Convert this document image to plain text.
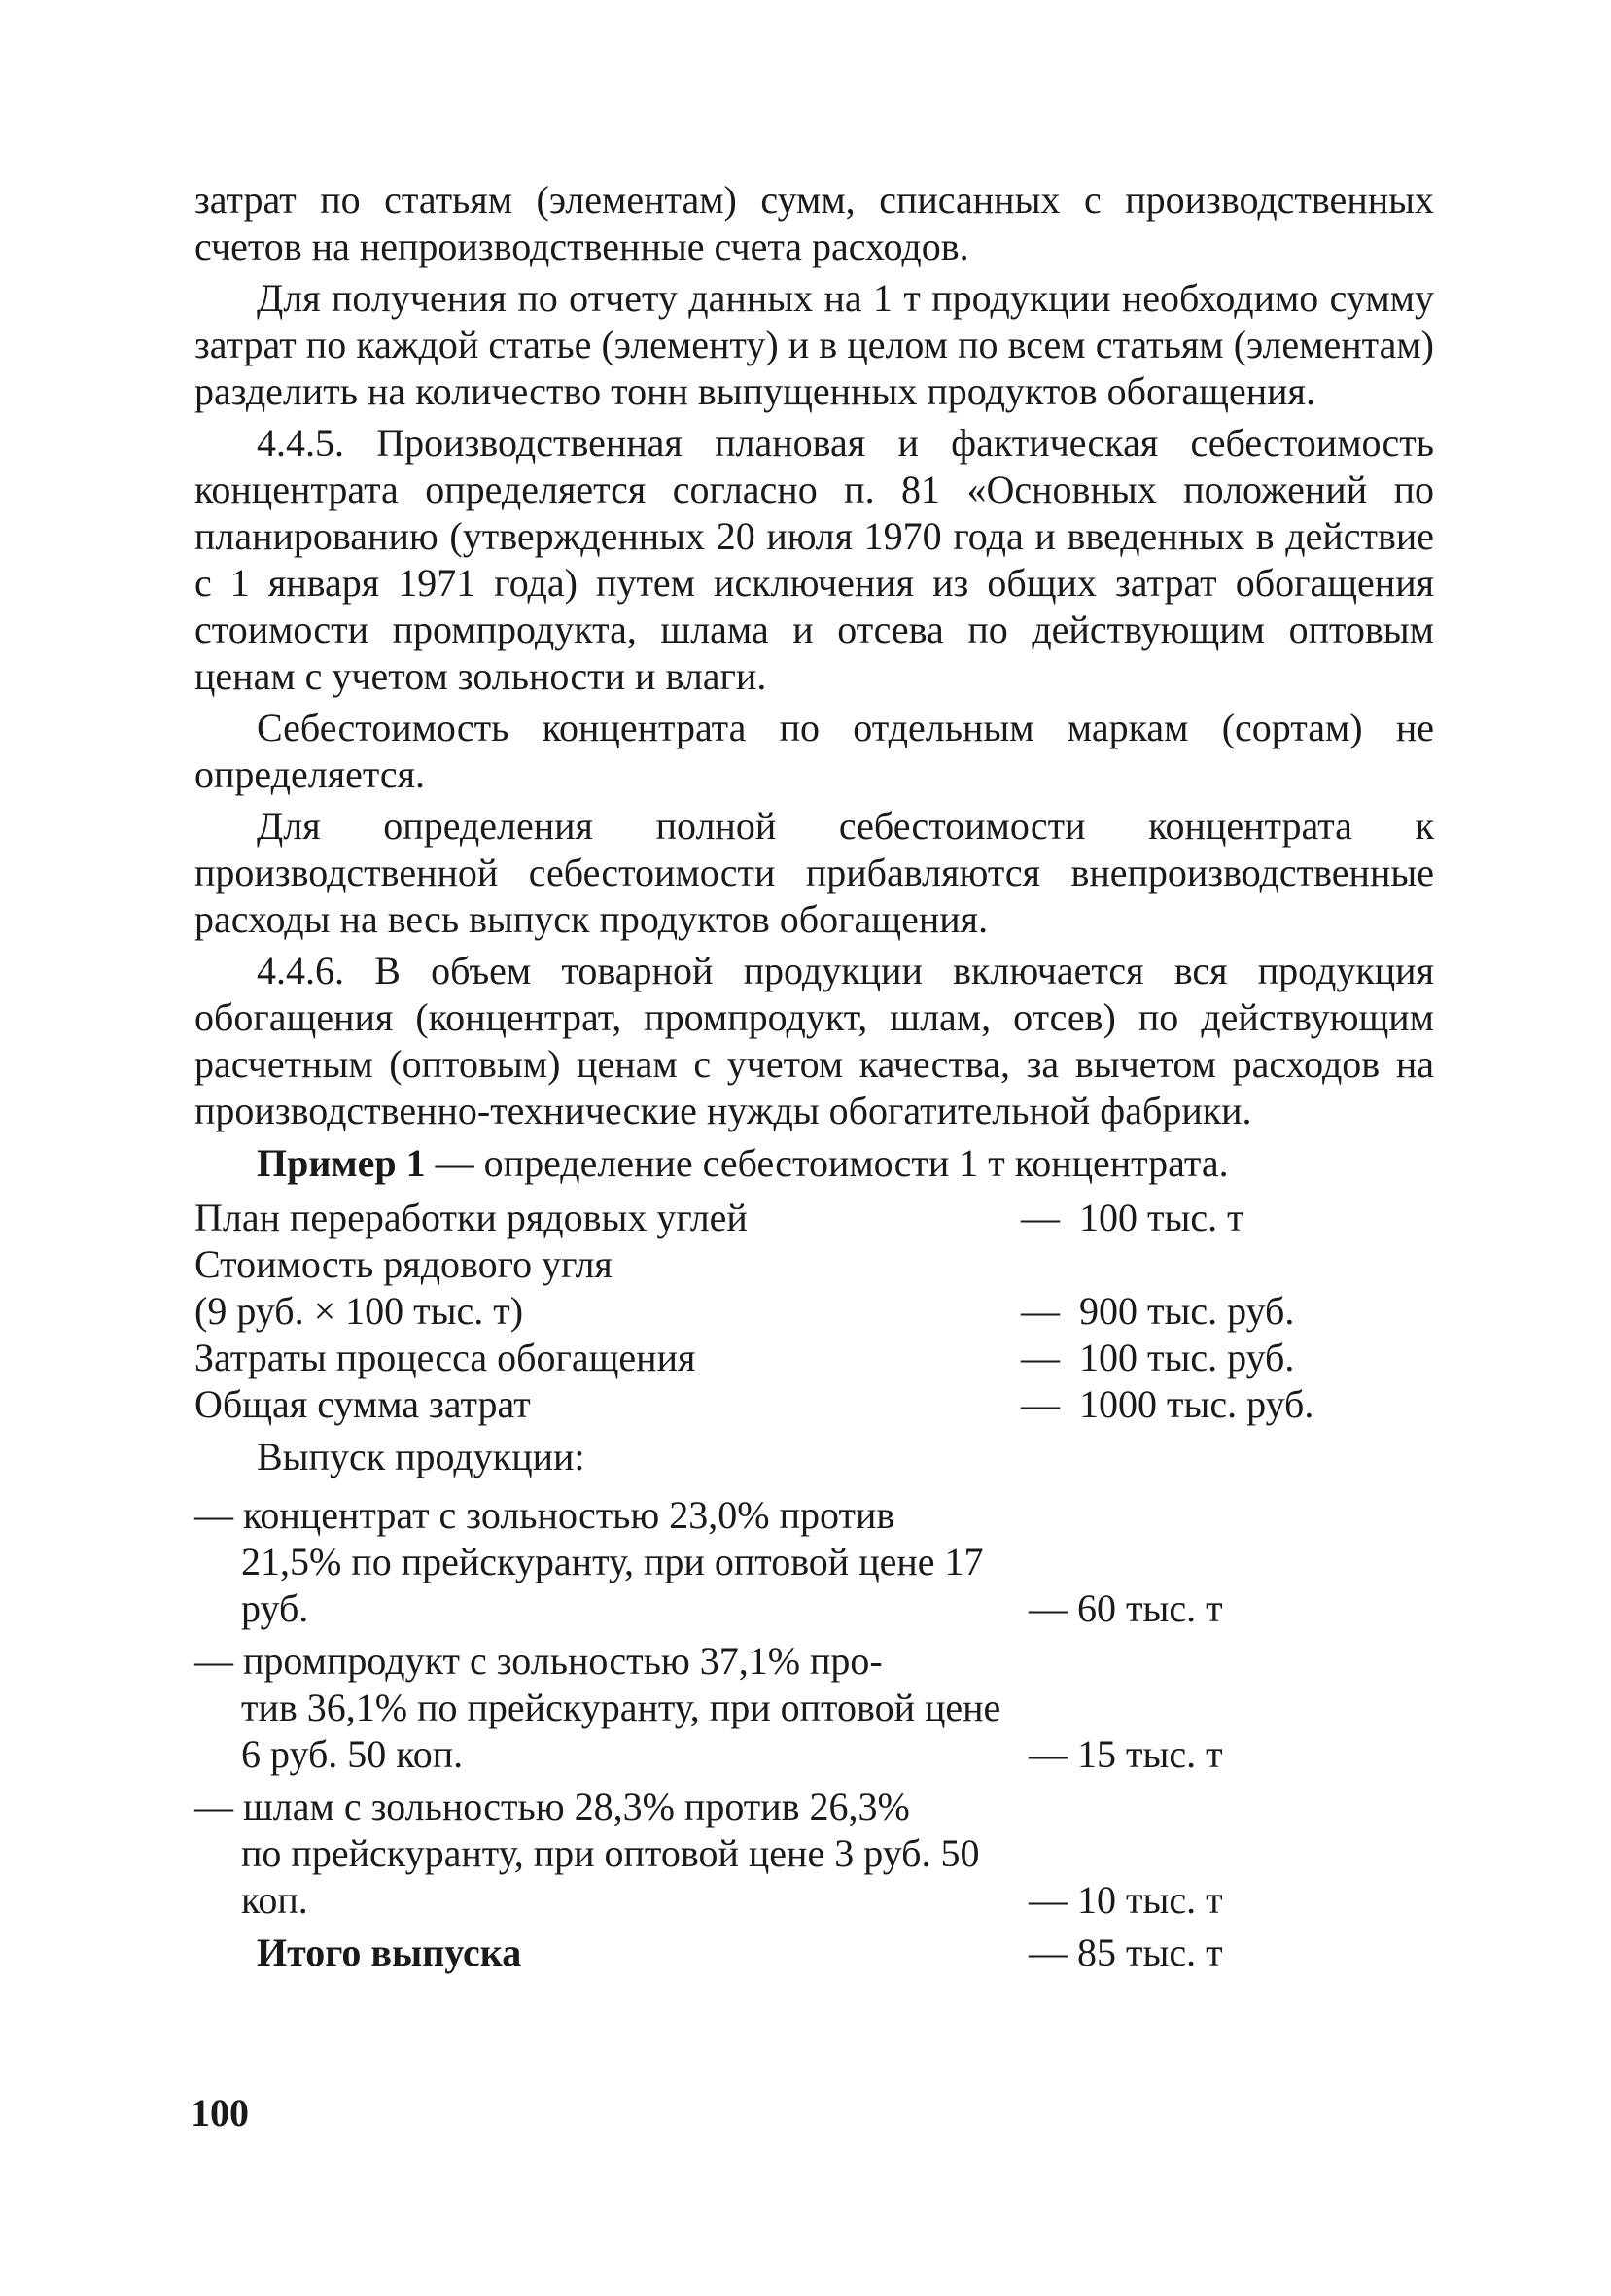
затрат по статьям (элементам) сумм, списанных с производственных счетов на непроизводственные счета расходов.

Для получения по отчету данных на 1 т продукции необходимо сумму затрат по каждой статье (элементу) и в целом по всем статьям (элементам) разделить на количество тонн выпущенных продуктов обогащения.

4.4.5. Производственная плановая и фактическая себестоимость концентрата определяется согласно п. 81 «Основных положений по планированию (утвержденных 20 июля 1970 года и введенных в действие с 1 января 1971 года) путем исключения из общих затрат обогащения стоимости промпродукта, шлама и отсева по действующим оптовым ценам с учетом зольности и влаги.

Себестоимость концентрата по отдельным маркам (сортам) не определяется.

Для определения полной себестоимости концентрата к производственной себестоимости прибавляются внепроизводственные расходы на весь выпуск продуктов обогащения.

4.4.6. В объем товарной продукции включается вся продукция обогащения (концентрат, промпродукт, шлам, отсев) по действующим расчетным (оптовым) ценам с учетом качества, за вычетом расходов на производственно-технические нужды обогатительной фабрики.

Пример 1 — определение себестоимости 1 т концентрата.

План переработки рядовых углей	— 100 тыс. т
Стоимость рядового угля
(9 руб. × 100 тыс. т)	— 900 тыс. руб.
Затраты процесса обогащения	— 100 тыс. руб.
Общая сумма затрат	— 1000 тыс. руб.
Выпуск продукции:
— концентрат с зольностью 23,0% против
21,5% по прейскуранту, при оптовой цене 17 руб.	— 60 тыс. т
— промпродукт с зольностью 37,1% про-
тив 36,1% по прейскуранту, при оптовой цене 6 руб. 50 коп.	— 15 тыс. т
— шлам с зольностью 28,3% против 26,3%
по прейскуранту, при оптовой цене 3 руб. 50 коп.	— 10 тыс. т
Итого выпуска	— 85 тыс. т
100
